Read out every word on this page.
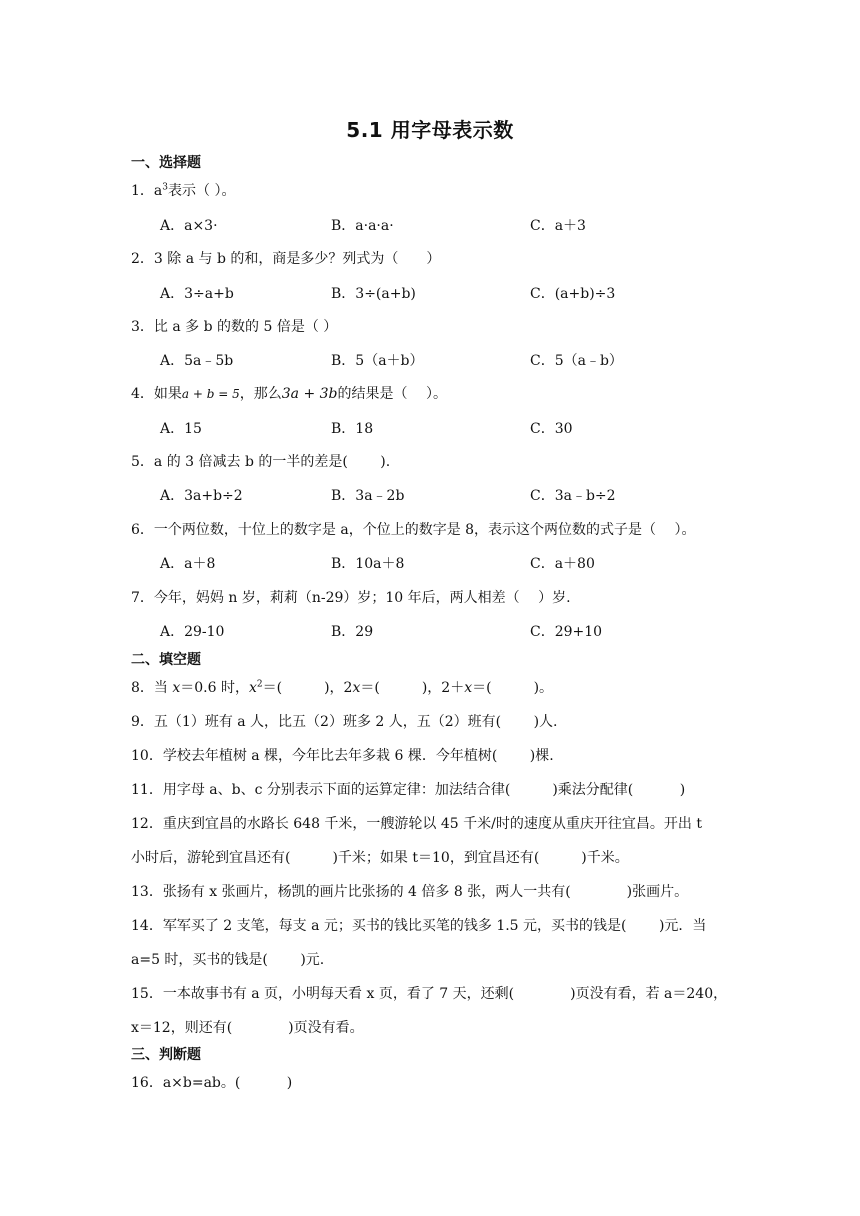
5.1 用字母表示数
一、选择题
1．$a^3$表示（ ）。
A．a×3·	B．a·a·a·	C．a＋3
2．3 除 a 与 b 的和，商是多少？列式为（　　）
A．3÷a+b	B．3÷(a+b)	C．(a+b)÷3
3．比 a 多 b 的数的 5 倍是（ ）
A．5a﹣5b	B．5（a＋b）	C．5（a﹣b）
4．如果a + b = 5，那么3a + 3b的结果是（　 ）。
A．15	B．18	C．30
5．a 的 3 倍减去 b 的一半的差是(　　 ).
A．3a+b÷2	B．3a﹣2b	C．3a﹣b÷2
6．一个两位数，十位上的数字是 a，个位上的数字是 8，表示这个两位数的式子是（　 ）。
A．a＋8	B．10a＋8	C．a＋80
7．今年，妈妈 n 岁，莉莉（n-29）岁；10 年后，两人相差（　 ）岁.
A．29-10	B．29	C．29+10
二、填空题
8．当 x＝0.6 时，$x^2=$(　　　)，2x＝(　　　)，2＋x＝(　　　)。
9．五（1）班有 a 人，比五（2）班多 2 人，五（2）班有(　　 )人.
10．学校去年植树 a 棵，今年比去年多栽 6 棵．今年植树(　　 )棵.
11．用字母 a、b、c 分别表示下面的运算定律：加法结合律(　　　)乘法分配律(　　　 )
12．重庆到宜昌的水路长 648 千米，一艘游轮以 45 千米/时的速度从重庆开往宜昌。开出 t
小时后，游轮到宜昌还有(　　　)千米；如果 t＝10，到宜昌还有(　　　)千米。
13．张扬有 x 张画片，杨凯的画片比张扬的 4 倍多 8 张，两人一共有(　　　　)张画片。
14．军军买了 2 支笔，每支 a 元；买书的钱比买笔的钱多 1.5 元，买书的钱是(　　 )元．当
a=5 时，买书的钱是(　　 )元.
15．一本故事书有 a 页，小明每天看 x 页，看了 7 天，还剩(　　　　)页没有看，若 a＝240，
x＝12，则还有(　　　　)页没有看。
三、判断题
16．a×b=ab。(　　　 )
